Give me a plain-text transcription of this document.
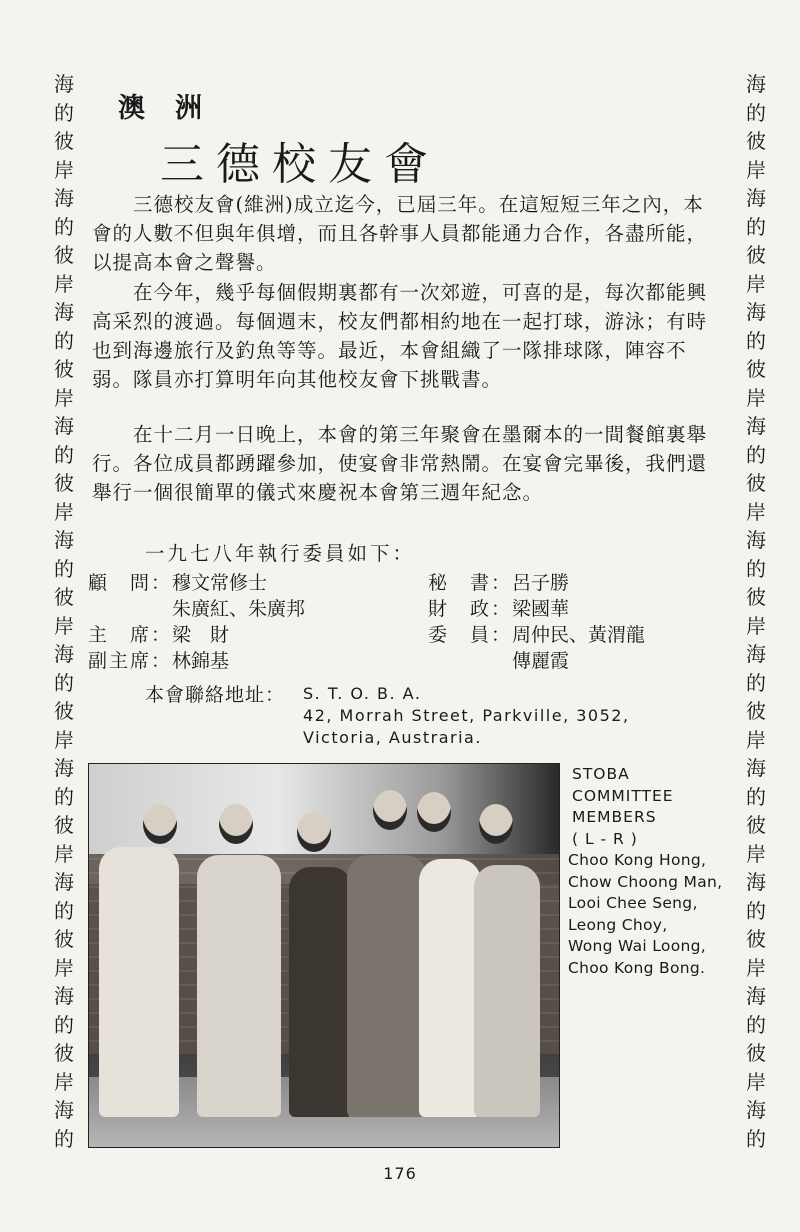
海
的
彼
岸
海
的
彼
岸
海
的
彼
岸
海
的
彼
岸
海
的
彼
岸
海
的
彼
岸
海
的
彼
岸
海
的
彼
岸
海
的
彼
岸
海
的
海
的
彼
岸
海
的
彼
岸
海
的
彼
岸
海
的
彼
岸
海
的
彼
岸
海
的
彼
岸
海
的
彼
岸
海
的
彼
岸
海
的
彼
岸
海
的
澳洲
三德校友會

　　三德校友會(維洲)成立迄今，已屆三年。在這短短三年之內，本會的人數不但與年俱增，而且各幹事人員都能通力合作，各盡所能，以提高本會之聲譽。

　　在今年，幾乎每個假期裏都有一次郊遊，可喜的是，每次都能興高采烈的渡過。每個週末，校友們都相約地在一起打球，游泳；有時也到海邊旅行及釣魚等等。最近，本會組織了一隊排球隊，陣容不弱。隊員亦打算明年向其他校友會下挑戰書。

　　在十二月一日晚上，本會的第三年聚會在墨爾本的一間餐館裏舉行。各位成員都踴躍參加，使宴會非常熱鬧。在宴會完畢後，我們還舉行一個很簡單的儀式來慶祝本會第三週年紀念。

一九七八年執行委員如下：
顧　問： 穆文常修士
朱廣紅、朱廣邦
主　席：梁　財
副主席：林錦基
秘　書：呂子勝
財　政：梁國華
委　員： 周仲民、黃渭龍
傳麗霞
本會聯絡地址： S. T. O. B. A.
42, Morrah Street, Parkville, 3052,
Victoria, Austraria.
STOBA
COMMITTEE
MEMBERS
( L - R )
Choo Kong Hong,
Chow Choong Man,
Looi Chee Seng,
Leong Choy,
Wong Wai Loong,
Choo Kong Bong.
176
